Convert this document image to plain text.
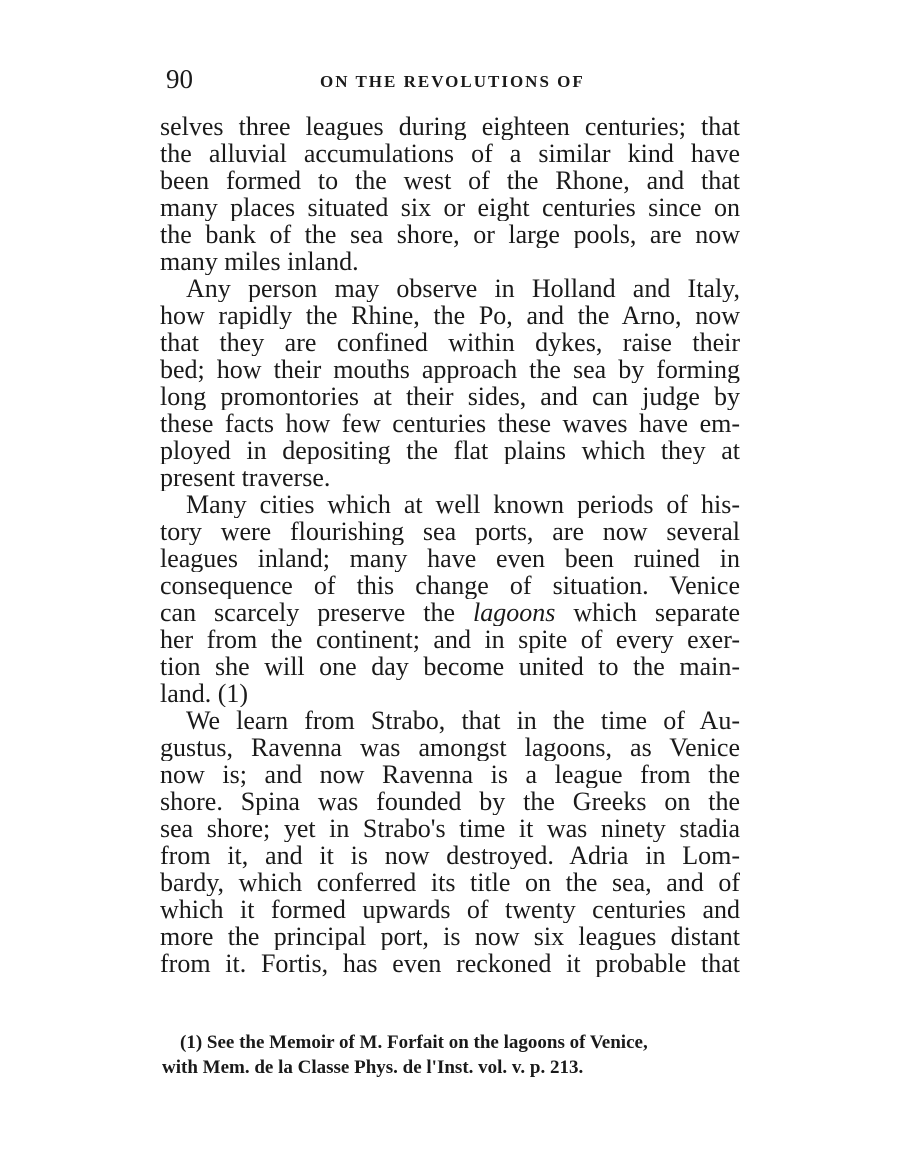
90	ON THE REVOLUTIONS OF
selves three leagues during eighteen centuries; that
the alluvial accumulations of a similar kind have
been formed to the west of the Rhone, and that
many places situated six or eight centuries since on
the bank of the sea shore, or large pools, are now
many miles inland.
Any person may observe in Holland and Italy,
how rapidly the Rhine, the Po, and the Arno, now
that they are confined within dykes, raise their
bed; how their mouths approach the sea by forming
long promontories at their sides, and can judge by
these facts how few centuries these waves have em-
ployed in depositing the flat plains which they at
present traverse.
Many cities which at well known periods of his-
tory were flourishing sea ports, are now several
leagues inland; many have even been ruined in
consequence of this change of situation. Venice
can scarcely preserve the lagoons which separate
her from the continent; and in spite of every exer-
tion she will one day become united to the main-
land. (1)
We learn from Strabo, that in the time of Au-
gustus, Ravenna was amongst lagoons, as Venice
now is; and now Ravenna is a league from the
shore. Spina was founded by the Greeks on the
sea shore; yet in Strabo's time it was ninety stadia
from it, and it is now destroyed. Adria in Lom-
bardy, which conferred its title on the sea, and of
which it formed upwards of twenty centuries and
more the principal port, is now six leagues distant
from it. Fortis, has even reckoned it probable that
(1) See the Memoir of M. Forfait on the lagoons of Venice,
with Mem. de la Classe Phys. de l'Inst. vol. v. p. 213.
